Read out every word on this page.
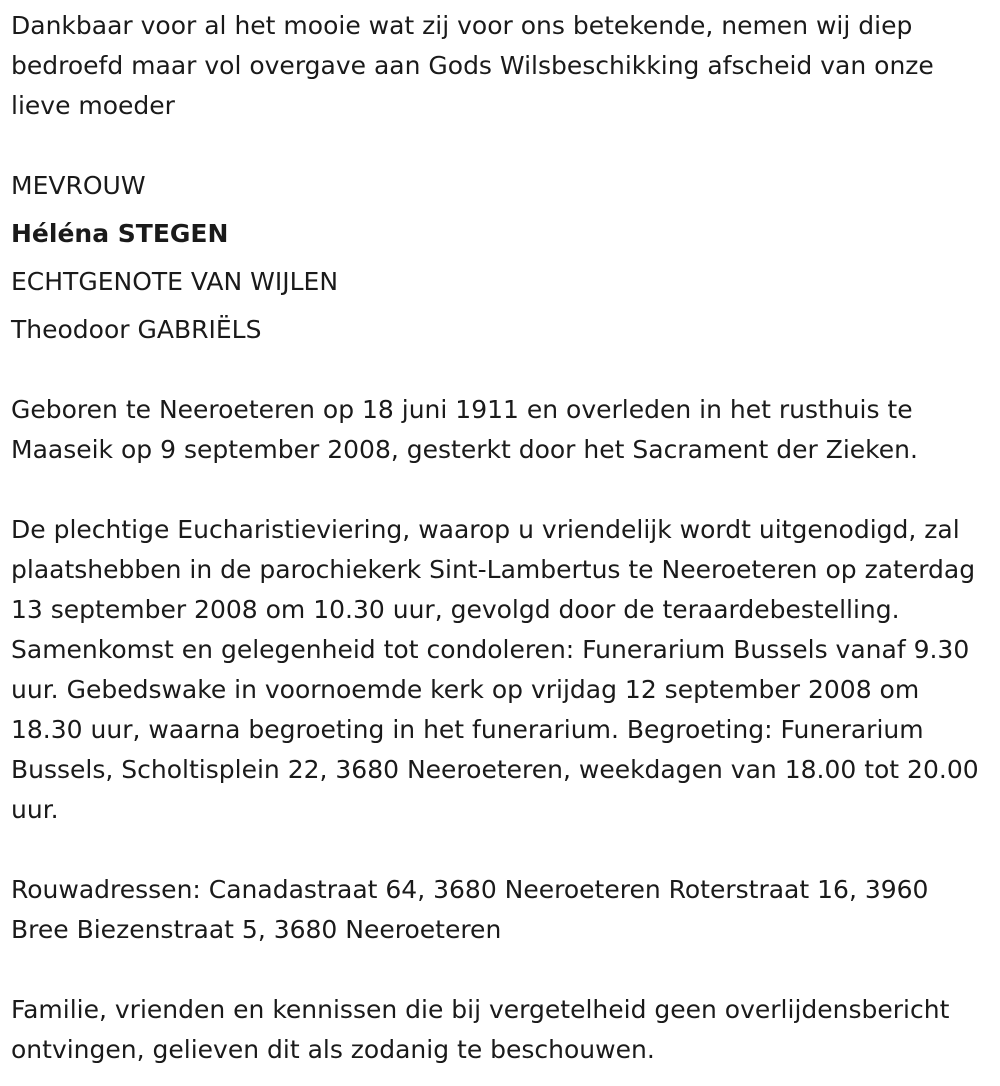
Dankbaar voor al het mooie wat zij voor ons betekende, nemen wij diep bedroefd maar vol overgave aan Gods Wilsbeschikking afscheid van onze lieve moeder

MEVROUW

Héléna STEGEN

ECHTGENOTE VAN WIJLEN

Theodoor GABRIËLS

Geboren te Neeroeteren op 18 juni 1911 en overleden in het rusthuis te Maaseik op 9 september 2008, gesterkt door het Sacrament der Zieken.

De plechtige Eucharistieviering, waarop u vriendelijk wordt uitgenodigd, zal plaatshebben in de parochiekerk Sint-Lambertus te Neeroeteren op zaterdag 13 september 2008 om 10.30 uur, gevolgd door de teraardebestelling. Samenkomst en gelegenheid tot condoleren: Funerarium Bussels vanaf 9.30 uur. Gebedswake in voornoemde kerk op vrijdag 12 september 2008 om 18.30 uur, waarna begroeting in het funerarium. Begroeting: Funerarium Bussels, Scholtisplein 22, 3680 Neeroeteren, weekdagen van 18.00 tot 20.00 uur.

Rouwadressen: Canadastraat 64, 3680 Neeroeteren Roterstraat 16, 3960 Bree Biezenstraat 5, 3680 Neeroeteren

Familie, vrienden en kennissen die bij vergetelheid geen overlijdensbericht ontvingen, gelieven dit als zodanig te beschouwen.
